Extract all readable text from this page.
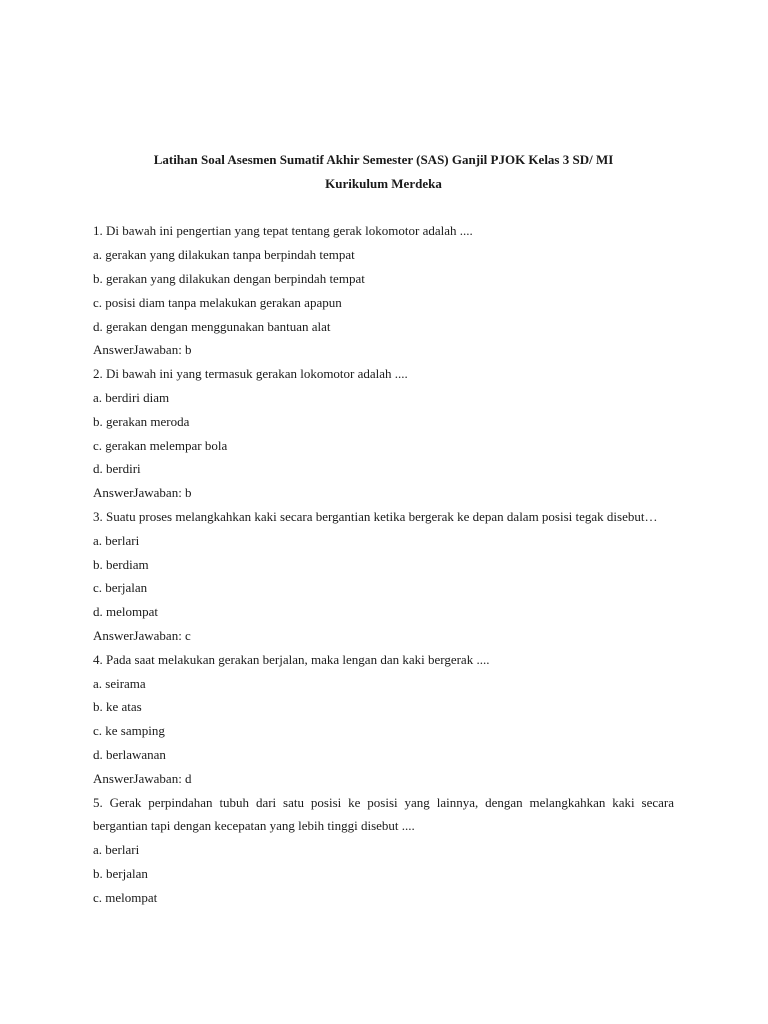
Latihan Soal Asesmen Sumatif Akhir Semester (SAS) Ganjil PJOK Kelas 3 SD/ MI

Kurikulum Merdeka

1. Di bawah ini pengertian yang tepat tentang gerak lokomotor adalah ....

a. gerakan yang dilakukan tanpa berpindah tempat

b. gerakan yang dilakukan dengan berpindah tempat

c. posisi diam tanpa melakukan gerakan apapun

d. gerakan dengan menggunakan bantuan alat

AnswerJawaban: b

2. Di bawah ini yang termasuk gerakan lokomotor adalah ....

a. berdiri diam

b. gerakan meroda

c. gerakan melempar bola

d. berdiri

AnswerJawaban: b

3. Suatu proses melangkahkan kaki secara bergantian ketika bergerak ke depan dalam posisi tegak disebut…

a. berlari

b. berdiam

c. berjalan

d. melompat

AnswerJawaban: c

4. Pada saat melakukan gerakan berjalan, maka lengan dan kaki bergerak ....

a. seirama

b. ke atas

c. ke samping

d. berlawanan

AnswerJawaban: d

5. Gerak perpindahan tubuh dari satu posisi ke posisi yang lainnya, dengan melangkahkan kaki secara bergantian tapi dengan kecepatan yang lebih tinggi disebut ....

a. berlari

b. berjalan

c. melompat
